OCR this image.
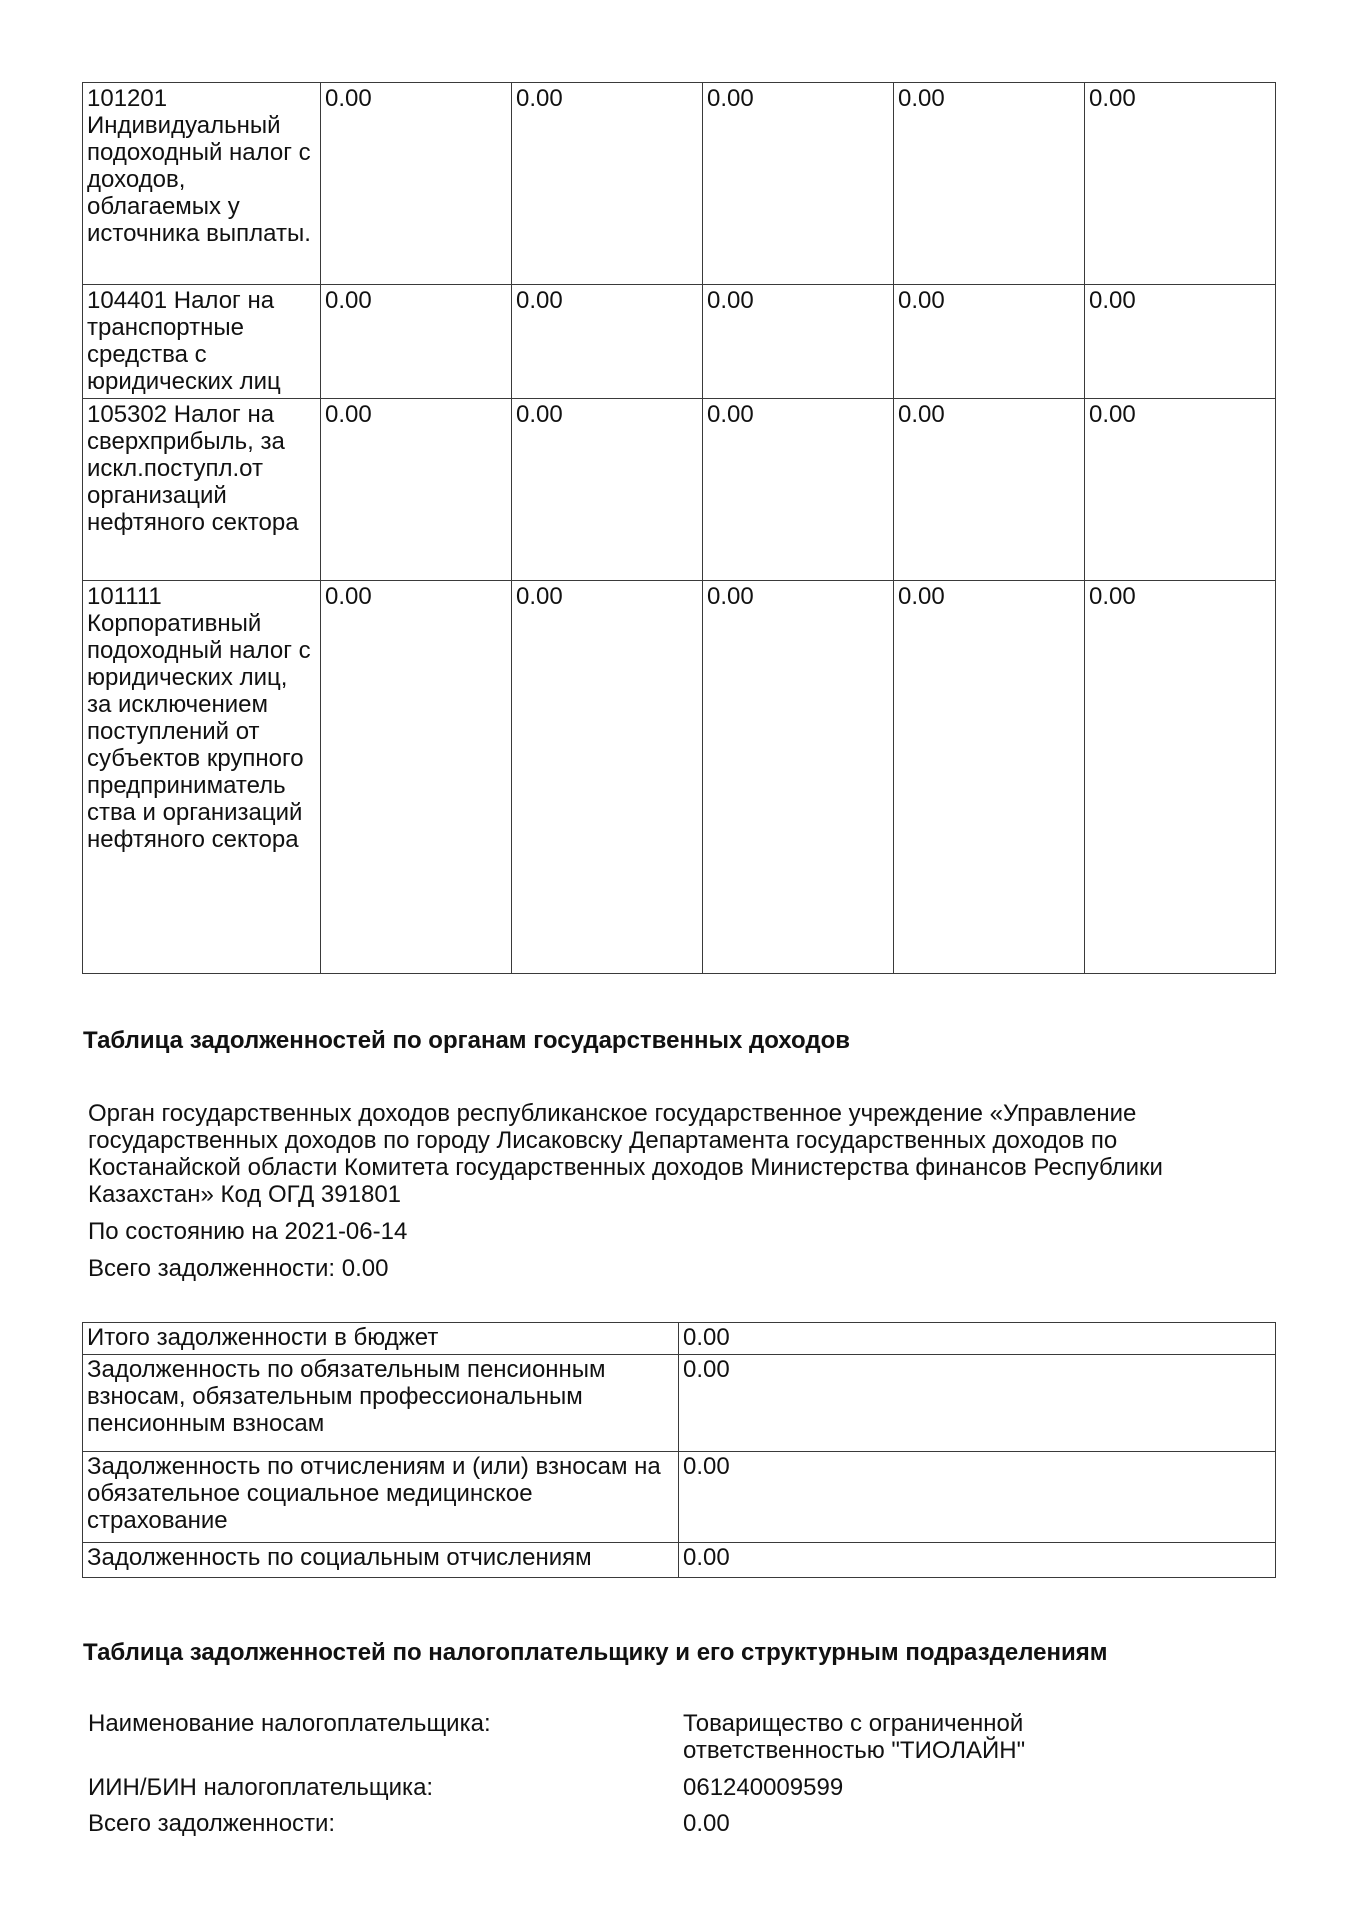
101201 Индивидуальный подоходный налог с доходов, облагаемых у источника выплаты.	0.00	0.00	0.00	0.00	0.00
104401 Налог на транспортные средства с юридических лиц	0.00	0.00	0.00	0.00	0.00
105302 Налог на сверхприбыль, за искл.поступл.от организаций нефтяного сектора	0.00	0.00	0.00	0.00	0.00
101111 Корпоративный подоходный налог с юридических лиц, за исключением поступлений от субъектов крупного предприниматель ства и организаций нефтяного сектора	0.00	0.00	0.00	0.00	0.00
Таблица задолженностей по органам государственных доходов

Орган государственных доходов республиканское государственное учреждение «Управление государственных доходов по городу Лисаковску Департамента государственных доходов по Костанайской области Комитета государственных доходов Министерства финансов Республики Казахстан» Код ОГД 391801

По состоянию на 2021-06-14

Всего задолженности: 0.00

Итого задолженности в бюджет	0.00
Задолженность по обязательным пенсионным взносам, обязательным профессиональным пенсионным взносам	0.00
Задолженность по отчислениям и (или) взносам на обязательное социальное медицинское страхование	0.00
Задолженность по социальным отчислениям	0.00
Таблица задолженностей по налогоплательщику и его структурным подразделениям
Наименование налогоплательщика:	Товарищество с ограниченной ответственностью "ТИОЛАЙН"
ИИН/БИН налогоплательщика:	061240009599
Всего задолженности:	0.00
